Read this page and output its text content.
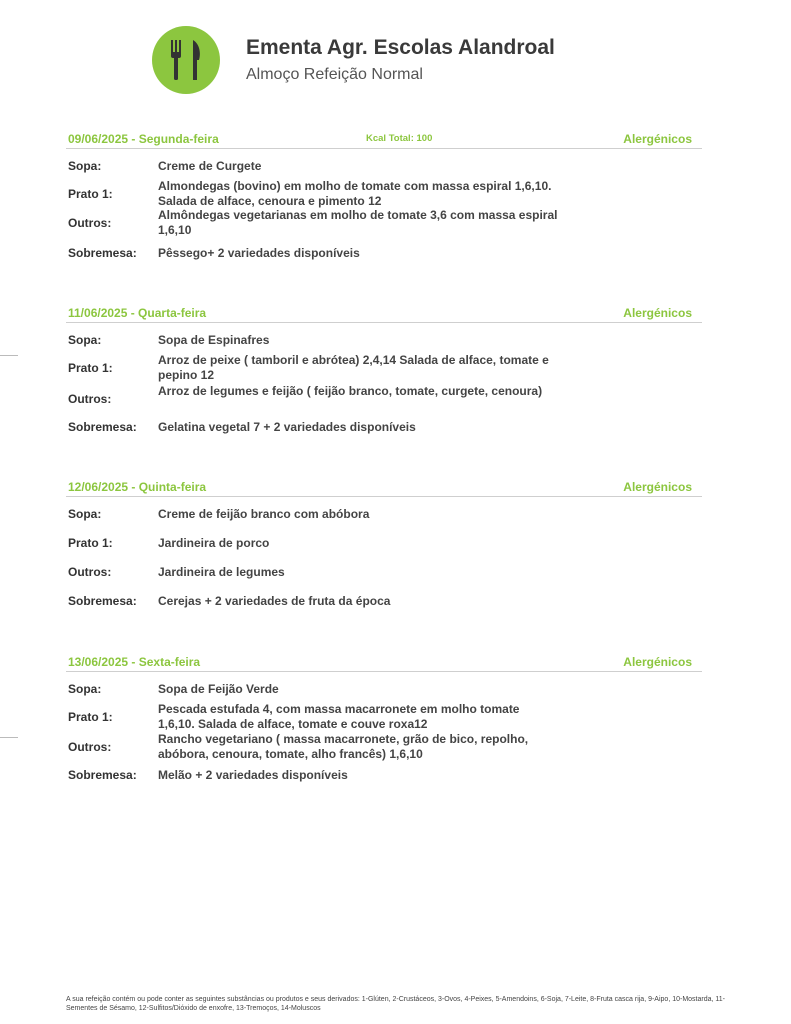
Ementa Agr. Escolas Alandroal
Almoço Refeição Normal
09/06/2025 - Segunda-feira	Kcal Total: 100	Alergénicos
Sopa:	Creme de Curgete
Prato 1:
Almondegas (bovino) em molho de tomate com massa espiral 1,6,10. Salada de alface, cenoura e pimento 12
Outros:
Almôndegas vegetarianas em molho de tomate 3,6 com massa espiral 1,6,10
Sobremesa: Pêssego+ 2 variedades disponíveis
11/06/2025 - Quarta-feira	Alergénicos
Sopa:	Sopa de Espinafres
Prato 1:
Arroz de peixe ( tamboril e abrótea) 2,4,14 Salada de alface, tomate e pepino 12
Outros:
Arroz de legumes e feijão ( feijão branco, tomate, curgete, cenoura)
Sobremesa: Gelatina vegetal 7 + 2 variedades disponíveis
12/06/2025 - Quinta-feira	Alergénicos
Sopa:	Creme de feijão branco com abóbora
Prato 1:	Jardineira de porco
Outros:	Jardineira de legumes
Sobremesa: Cerejas + 2 variedades de fruta da época
13/06/2025 - Sexta-feira	Alergénicos
Sopa:	Sopa de Feijão Verde
Prato 1:
Pescada estufada 4, com massa macarronete em molho tomate 1,6,10. Salada de alface, tomate e couve roxa12
Outros:
Rancho vegetariano ( massa macarronete, grão de bico, repolho, abóbora, cenoura, tomate, alho francês) 1,6,10
Sobremesa: Melão + 2 variedades disponíveis
A sua refeição contém ou pode conter as seguintes substâncias ou produtos e seus derivados: 1-Glúten, 2-Crustáceos, 3-Ovos, 4-Peixes, 5-Amendoins, 6-Soja, 7-Leite, 8-Fruta casca rija, 9-Aipo, 10-Mostarda, 11-Sementes de Sésamo, 12-Sulfitos/Dióxido de enxofre, 13-Tremoços, 14-Moluscos
